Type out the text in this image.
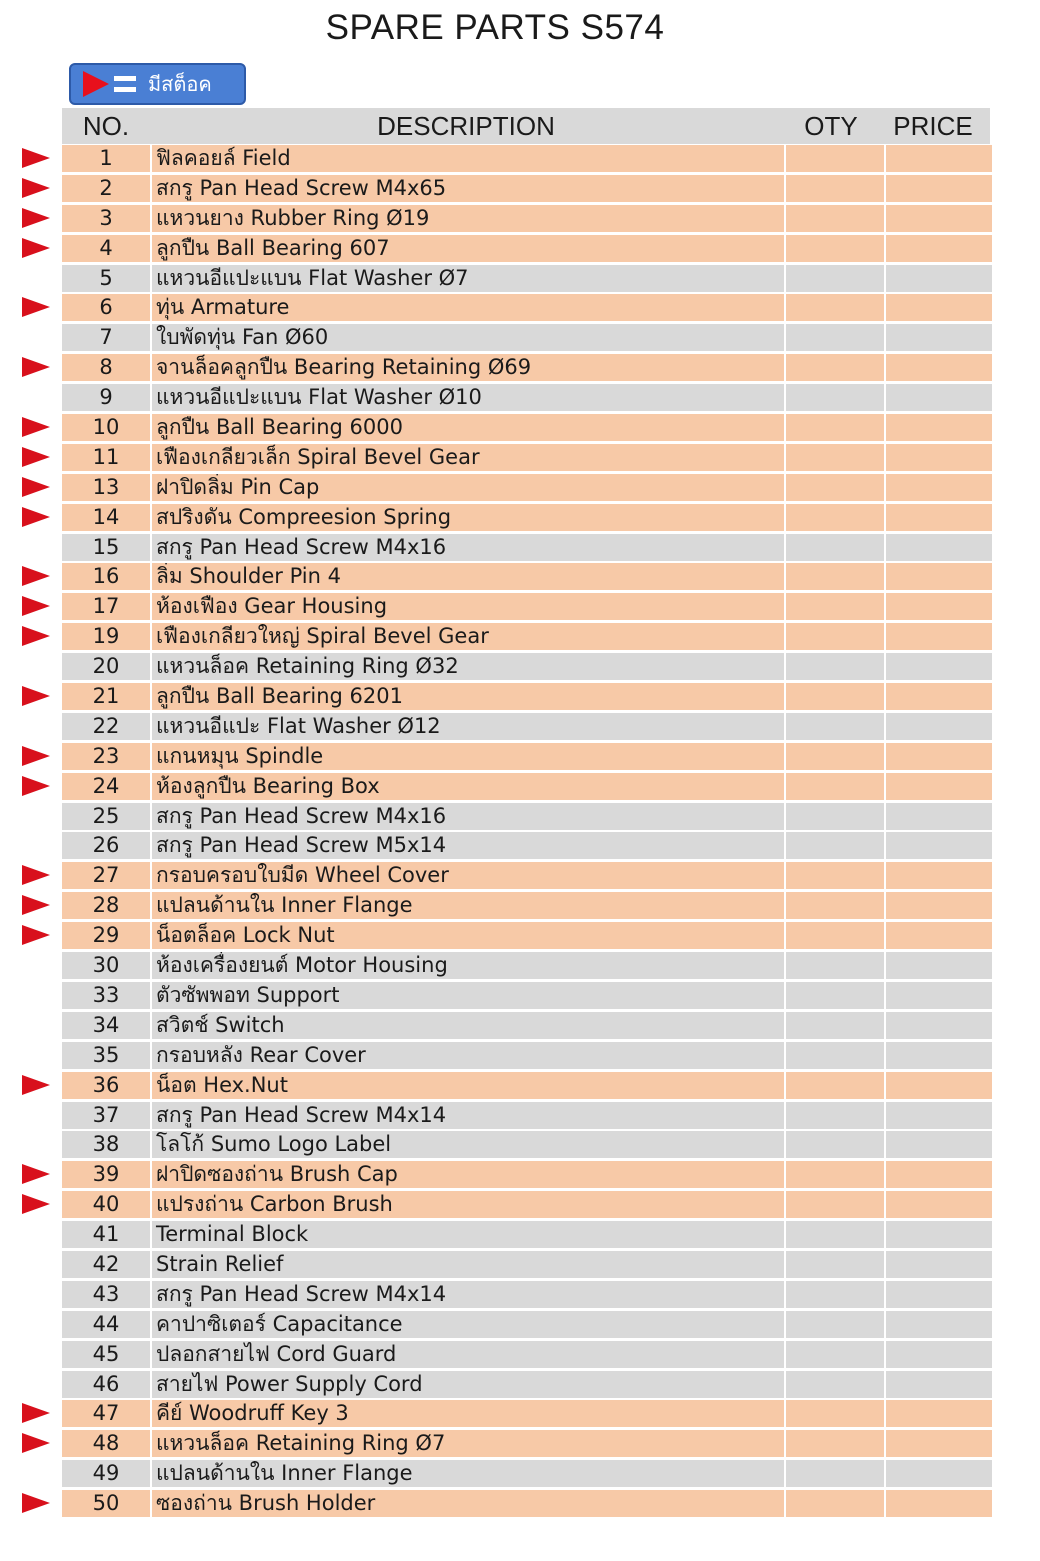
SPARE PARTS S574
มีสต็อค
NO.	DESCRIPTION	OTY	PRICE
1	ฟิลคอยล์ Field
2	สกรู Pan Head Screw M4x65
3	แหวนยาง Rubber Ring Ø19
4	ลูกปืน Ball Bearing 607
5	แหวนอีแปะแบน Flat Washer Ø7
6	ทุ่น Armature
7	ใบพัดทุ่น Fan Ø60
8	จานล็อคลูกปืน Bearing Retaining Ø69
9	แหวนอีแปะแบน Flat Washer Ø10
10	ลูกปืน Ball Bearing 6000
11	เฟืองเกลียวเล็ก Spiral Bevel Gear
13	ฝาปิดลิ่ม Pin Cap
14	สปริงดัน Compreesion Spring
15	สกรู Pan Head Screw M4x16
16	ลิ่ม Shoulder Pin 4
17	ห้องเฟือง Gear Housing
19	เฟืองเกลียวใหญ่ Spiral Bevel Gear
20	แหวนล็อค Retaining Ring Ø32
21	ลูกปืน Ball Bearing 6201
22	แหวนอีแปะ Flat Washer Ø12
23	แกนหมุน Spindle
24	ห้องลูกปืน Bearing Box
25	สกรู Pan Head Screw M4x16
26	สกรู Pan Head Screw M5x14
27	กรอบครอบใบมีด Wheel Cover
28	แปลนด้านใน Inner Flange
29	น็อตล็อค Lock Nut
30	ห้องเครื่องยนต์ Motor Housing
33	ตัวซัพพอท Support
34	สวิตช์ Switch
35	กรอบหลัง Rear Cover
36	น็อต Hex.Nut
37	สกรู Pan Head Screw M4x14
38	โลโก้ Sumo Logo Label
39	ฝาปิดซองถ่าน Brush Cap
40	แปรงถ่าน Carbon Brush
41	Terminal Block
42	Strain Relief
43	สกรู Pan Head Screw M4x14
44	คาปาซิเตอร์ Capacitance
45	ปลอกสายไฟ Cord Guard
46	สายไฟ Power Supply Cord
47	คีย์ Woodruff Key 3
48	แหวนล็อค Retaining Ring Ø7
49	แปลนด้านใน Inner Flange
50	ซองถ่าน Brush Holder
